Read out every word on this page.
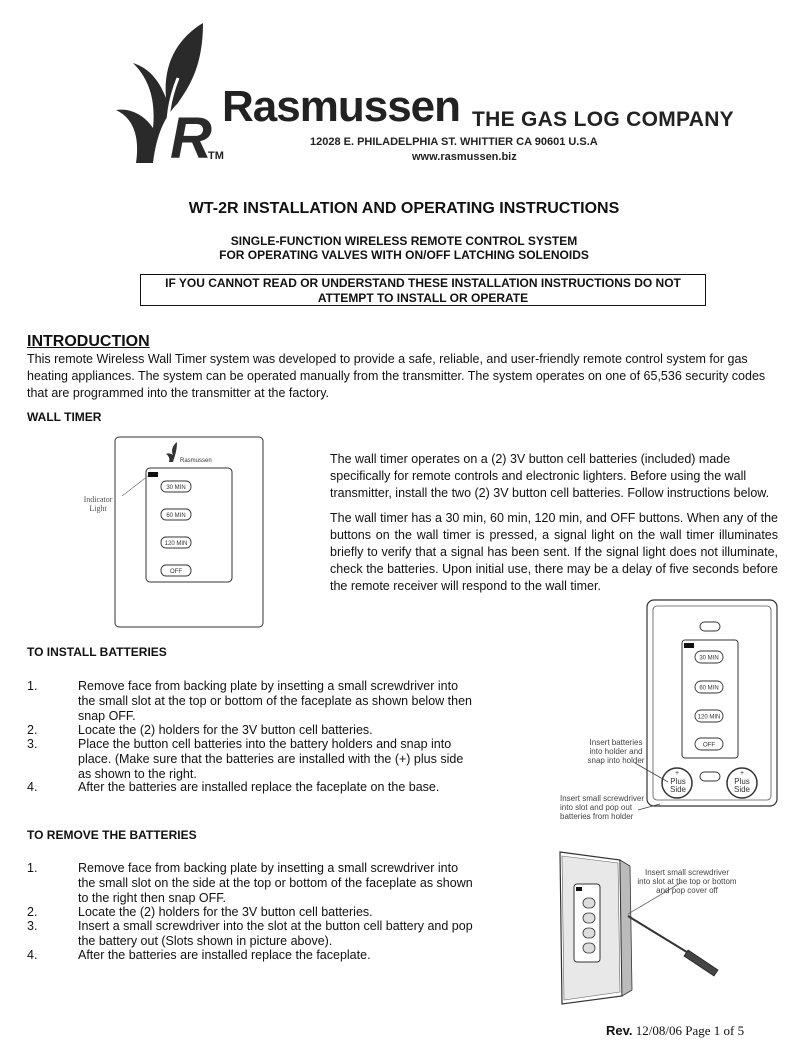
R Rasmussen THE GAS LOG COMPANY
12028 E. PHILADELPHIA ST. WHITTIER CA 90601 U.S.A
www.rasmussen.biz
TM
WT-2R INSTALLATION AND OPERATING INSTRUCTIONS
SINGLE-FUNCTION WIRELESS REMOTE CONTROL SYSTEM
FOR OPERATING VALVES WITH ON/OFF LATCHING SOLENOIDS
IF YOU CANNOT READ OR UNDERSTAND THESE INSTALLATION INSTRUCTIONS DO NOT
ATTEMPT TO INSTALL OR OPERATE
INTRODUCTION
This remote Wireless Wall Timer system was developed to provide a safe, reliable, and user-friendly remote control system for gas heating appliances. The system can be operated manually from the transmitter. The system operates on one of 65,536 security codes that are programmed into the transmitter at the factory.
WALL TIMER
Rasmussen
30 MIN
60 MIN
120 MIN
OFF
Indicator Light
The wall timer operates on a (2) 3V button cell batteries (included) made specifically for remote controls and electronic lighters. Before using the wall transmitter, install the two (2) 3V button cell batteries. Follow instructions below.
The wall timer has a 30 min, 60 min, 120 min, and OFF buttons. When any of the buttons on the wall timer is pressed, a signal light on the wall timer illuminates briefly to verify that a signal has been sent. If the signal light does not illuminate, check the batteries. Upon initial use, there may be a delay of five seconds before the remote receiver will respond to the wall timer.
TO INSTALL BATTERIES
1.	Remove face from backing plate by insetting a small screwdriver into the small slot at the top or bottom of the faceplate as shown below then snap OFF.
2.	Locate the (2) holders for the 3V button cell batteries.
3.	Place the button cell batteries into the battery holders and snap into place. (Make sure that the batteries are installed with the (+) plus side as shown to the right.
4.	After the batteries are installed replace the faceplate on the base.
30 MIN
60 MIN
120 MIN
OFF
+
Plus
Side
+
Plus
Side
Insert batteries
into holder and
snap into holder
Insert small screwdriver
into slot and pop out
batteries from holder
TO REMOVE THE BATTERIES
1.	Remove face from backing plate by insetting a small screwdriver into the small slot on the side at the top or bottom of the faceplate as shown to the right then snap OFF.
2.	Locate the (2) holders for the 3V button cell batteries.
3.	Insert a small screwdriver into the slot at the button cell battery and pop the battery out (Slots shown in picture above).
4.	After the batteries are installed replace the faceplate.
Insert small screwdriver
into slot at the top or bottom
and pop cover off
Rev. 12/08/06 Page 1 of 5
